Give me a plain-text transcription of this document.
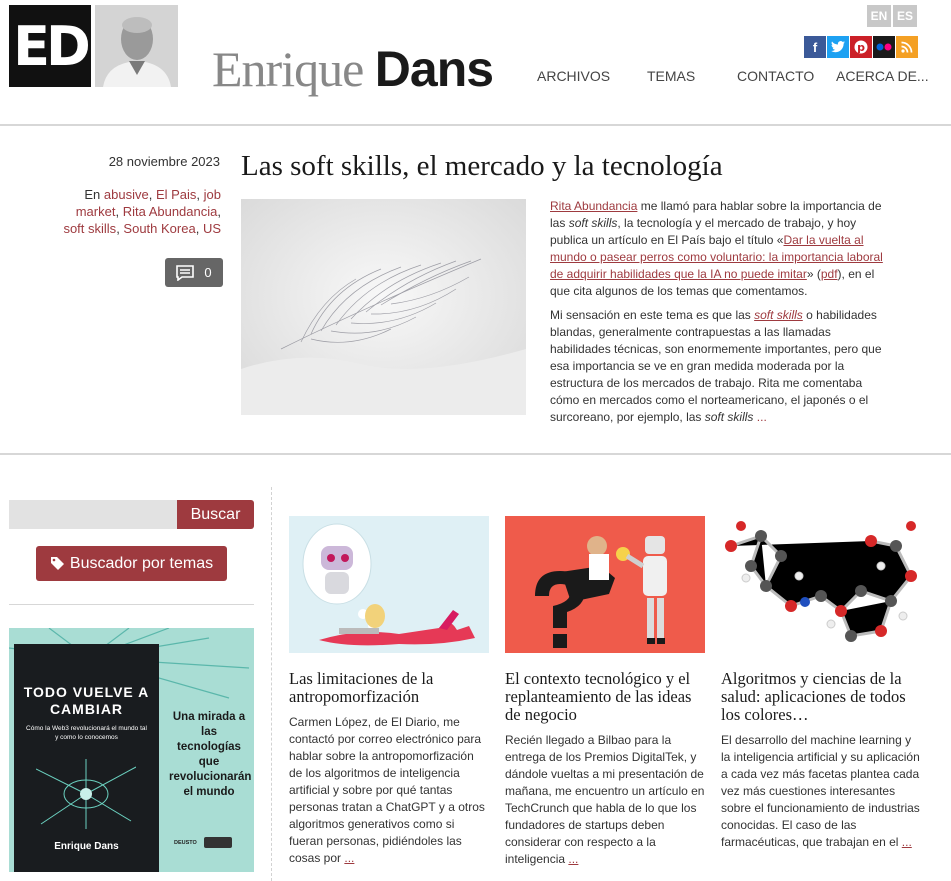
ED	Enrique Dans	ARCHIVOS	TEMAS	CONTACTO ACERCA DE...
EN ES
f	p
28 noviembre 2023
En abusive, El Pais, job market, Rita Abundancia, soft skills, South Korea, US
0
Las soft skills, el mercado y la tecnología

Rita Abundancia me llamó para hablar sobre la importancia de las soft skills, la tecnología y el mercado de trabajo, y hoy publica un artículo en El País bajo el título «Dar la vuelta al mundo o pasear perros como voluntario: la importancia laboral de adquirir habilidades que la IA no puede imitar» (pdf), en el que cita algunos de los temas que comentamos.

Mi sensación en este tema es que las soft skills o habilidades blandas, generalmente contrapuestas a las llamadas habilidades técnicas, son enormemente importantes, pero que esa importancia se ve en gran medida moderada por la estructura de los mercados de trabajo. Rita me comentaba cómo en mercados como el norteamericano, el japonés o el surcoreano, por ejemplo, las soft skills ...

Buscar
Buscador por temas
TODO VUELVE A CAMBIAR
Cómo la Web3 revolucionará el mundo tal y como lo conocemos
Enrique Dans
Una mirada a las tecnologías que revolucionarán el mundo
DEUSTO
Las limitaciones de la antropomorfización
Carmen López, de El Diario, me contactó por correo electrónico para hablar sobre la antropomorfización de los algoritmos de inteligencia artificial y sobre por qué tantas personas tratan a ChatGPT y a otros algoritmos generativos como si fueran personas, pidiéndoles las cosas por ...
El contexto tecnológico y el replanteamiento de las ideas de negocio
Recién llegado a Bilbao para la entrega de los Premios DigitalTek, y dándole vueltas a mi presentación de mañana, me encuentro un artículo en TechCrunch que habla de lo que los fundadores de startups deben considerar con respecto a la inteligencia ...
Algoritmos y ciencias de la salud: aplicaciones de todos los colores…
El desarrollo del machine learning y la inteligencia artificial y su aplicación a cada vez más facetas plantea cada vez más cuestiones interesantes sobre el funcionamiento de industrias conocidas. El caso de las farmacéuticas, que trabajan en el ...
